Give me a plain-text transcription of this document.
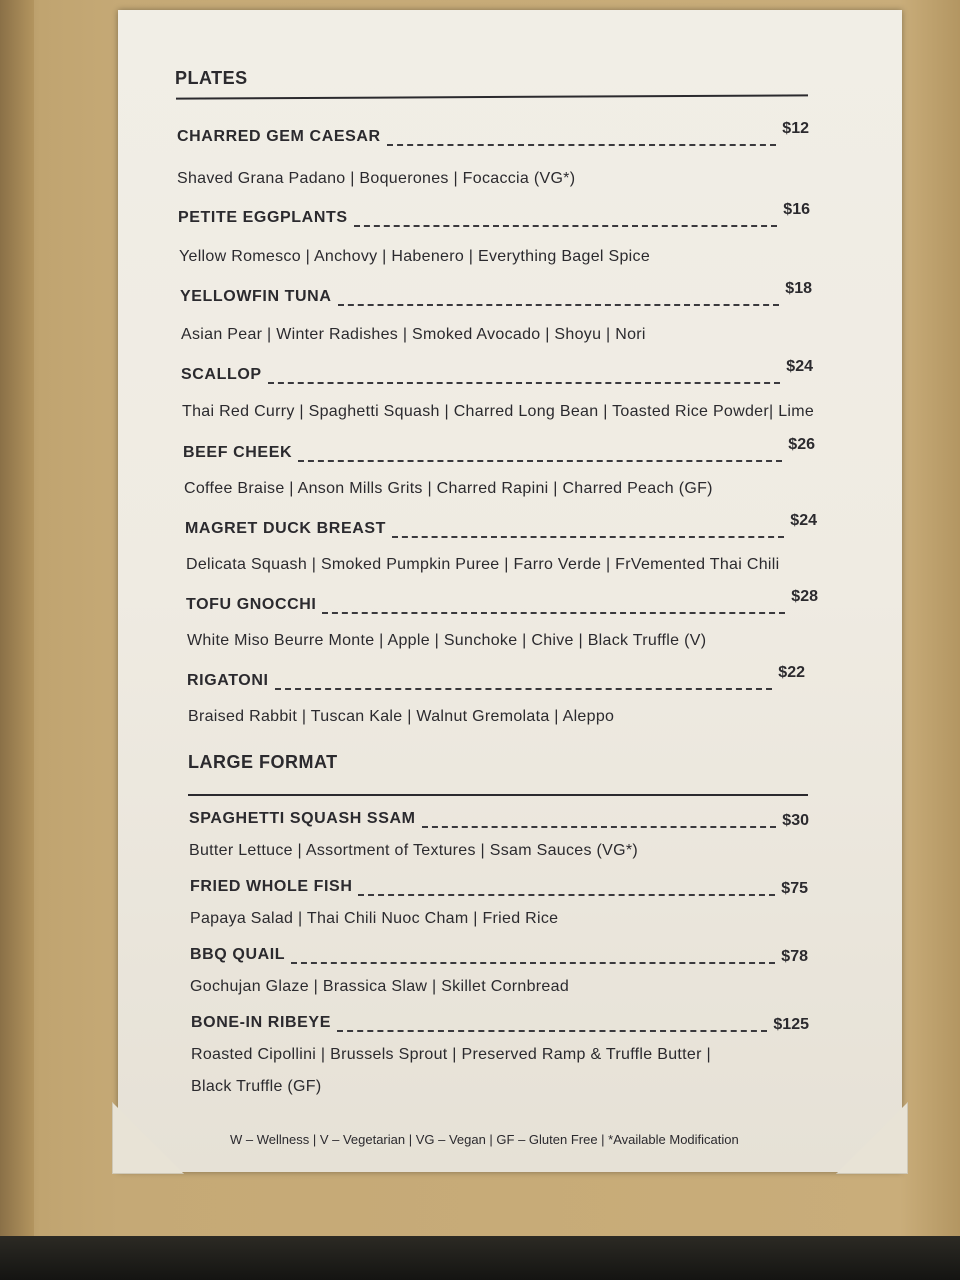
PLATES
CHARRED GEM CAESAR	$12
Shaved Grana Padano | Boquerones | Focaccia (VG*)
PETITE EGGPLANTS	$16
Yellow Romesco | Anchovy | Habenero | Everything Bagel Spice
YELLOWFIN TUNA	$18
Asian Pear | Winter Radishes | Smoked Avocado | Shoyu | Nori
SCALLOP	$24
Thai Red Curry | Spaghetti Squash | Charred Long Bean | Toasted Rice Powder| Lime
BEEF CHEEK	$26
Coffee Braise | Anson Mills Grits | Charred Rapini | Charred Peach (GF)
MAGRET DUCK BREAST	$24
Delicata Squash | Smoked Pumpkin Puree | Farro Verde | FrVemented Thai Chili
TOFU GNOCCHI	$28
White Miso Beurre Monte | Apple | Sunchoke | Chive | Black Truffle (V)
RIGATONI	$22
Braised Rabbit | Tuscan Kale | Walnut Gremolata | Aleppo
LARGE FORMAT
SPAGHETTI SQUASH SSAM	$30
Butter Lettuce | Assortment of Textures | Ssam Sauces (VG*)
FRIED WHOLE FISH	$75
Papaya Salad | Thai Chili Nuoc Cham | Fried Rice
BBQ QUAIL	$78
Gochujan Glaze | Brassica Slaw | Skillet Cornbread
BONE-IN RIBEYE	$125
Roasted Cipollini | Brussels Sprout | Preserved Ramp & Truffle Butter |
Black Truffle (GF)
W – Wellness | V – Vegetarian | VG – Vegan | GF – Gluten Free | *Available Modification
